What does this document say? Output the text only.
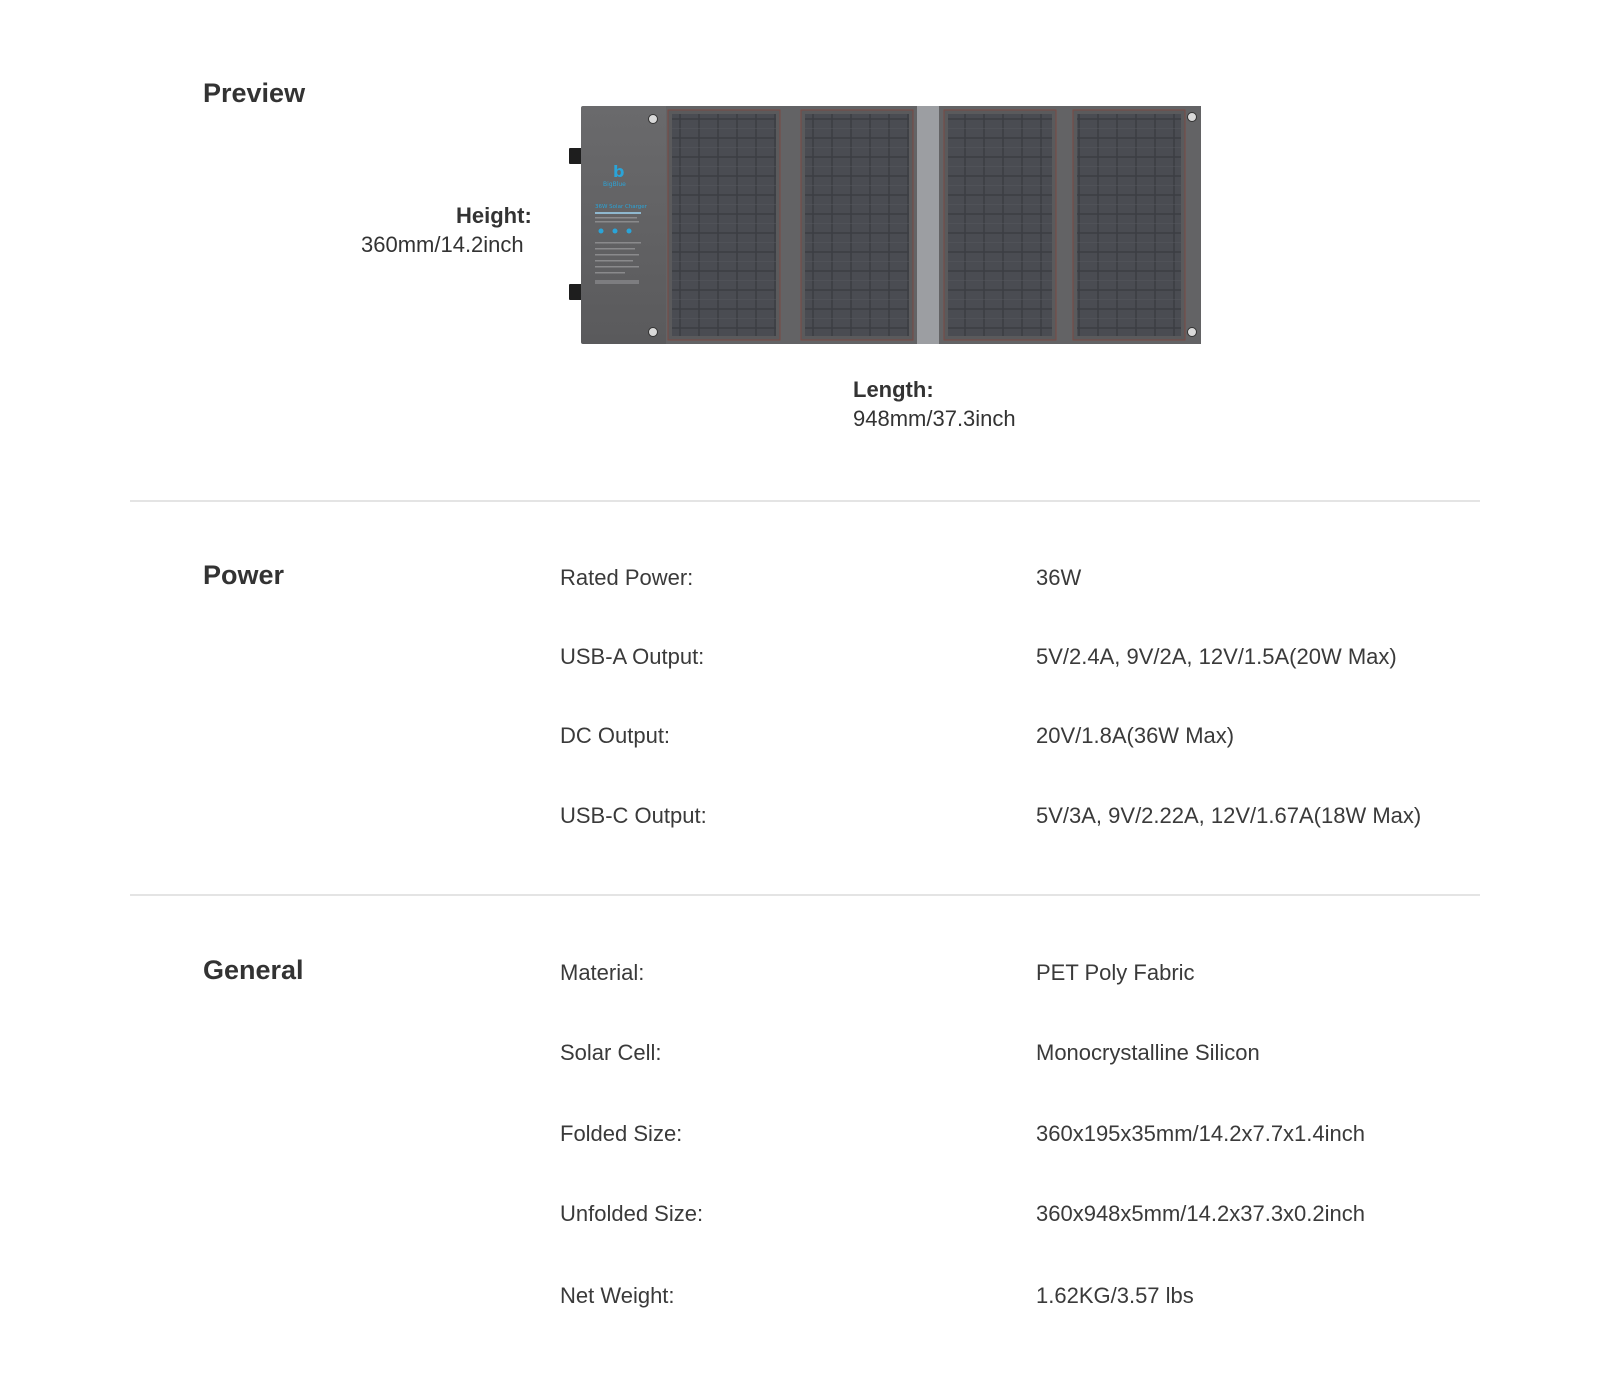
Preview
Height:
360mm/14.2inch
b
BigBlue
36W Solar Charger
Length:
948mm/37.3inch
Power	Rated Power:	36W
USB-A Output:	5V/2.4A, 9V/2A, 12V/1.5A(20W Max)
DC Output:	20V/1.8A(36W Max)
USB-C Output:	5V/3A, 9V/2.22A, 12V/1.67A(18W Max)
General	Material:	PET Poly Fabric
Solar Cell:	Monocrystalline Silicon
Folded Size:	360x195x35mm/14.2x7.7x1.4inch
Unfolded Size:	360x948x5mm/14.2x37.3x0.2inch
Net Weight:	1.62KG/3.57 lbs
